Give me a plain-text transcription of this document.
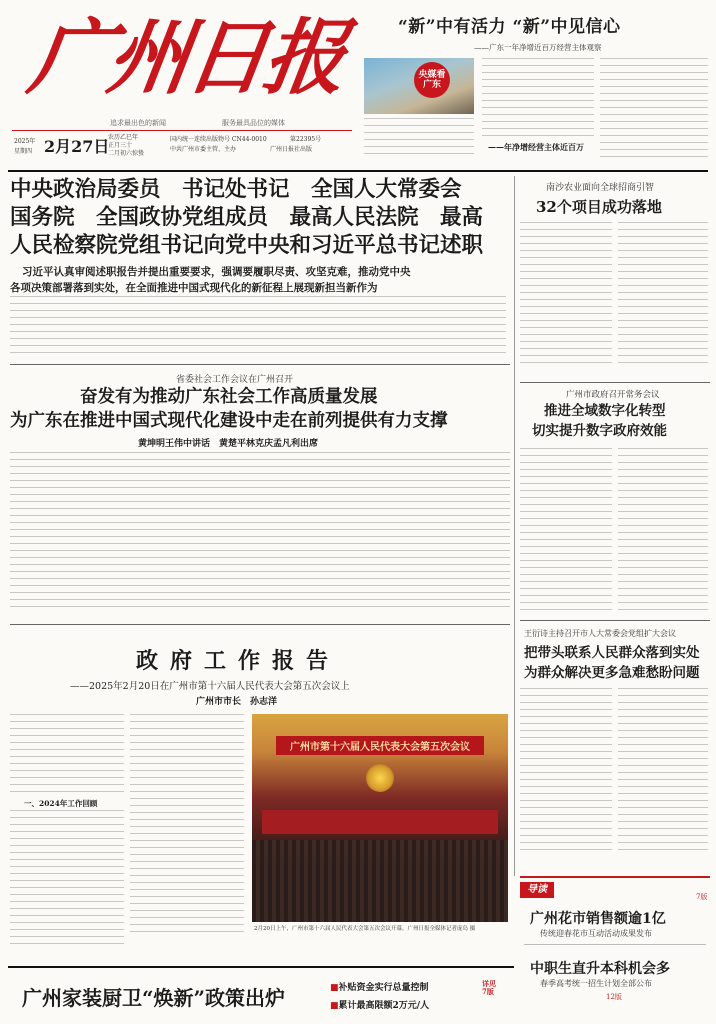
广州日报
追求最出色的新闻	服务最具品位的媒体
2025年
星期四 2月27日
农历乙巳年
正月三十
二月初六惊蛰
国内统一连续出版物号 CN44-0010	第22395号
中共广州市委主管、主办	广州日报社出版
“新”中有活力 “新”中见信心
——广东一年净增近百万经营主体观察
央媒看广东
——年净增经营主体近百万
中央政治局委员　书记处书记　全国人大常委会
国务院　全国政协党组成员　最高人民法院　最高
人民检察院党组书记向党中央和习近平总书记述职
习近平认真审阅述职报告并提出重要要求，强调要履职尽责、攻坚克难，推动党中央
各项决策部署落到实处，在全面推进中国式现代化的新征程上展现新担当新作为
南沙农业面向全球招商引智
32个项目成功落地
省委社会工作会议在广州召开
奋发有为推动广东社会工作高质量发展
为广东在推进中国式现代化建设中走在前列提供有力支撑
黄坤明王伟中讲话　黄楚平林克庆孟凡利出席
广州市政府召开常务会议
推进全域数字化转型
切实提升数字政府效能
政府工作报告
——2025年2月20日在广州市第十六届人民代表大会第五次会议上
广州市市长　孙志洋
一、2024年工作回顾
广州市第十六届人民代表大会第五次会议
2月20日上午，广州市第十六届人民代表大会第五次会议开幕。广州日报全媒体记者庞岛 摄
王衍诗主持召开市人大常委会党组扩大会议
把带头联系人民群众落到实处
为群众解决更多急难愁盼问题
导读
广州花市销售额逾1亿
传统迎春花市互动活动成果发布
7版
中职生直升本科机会多
春季高考统一招生计划全部公布
12版
广州家装厨卫“焕新”政策出炉	■补贴资金实行总量控制
■累计最高限额2万元/人
详见7版
